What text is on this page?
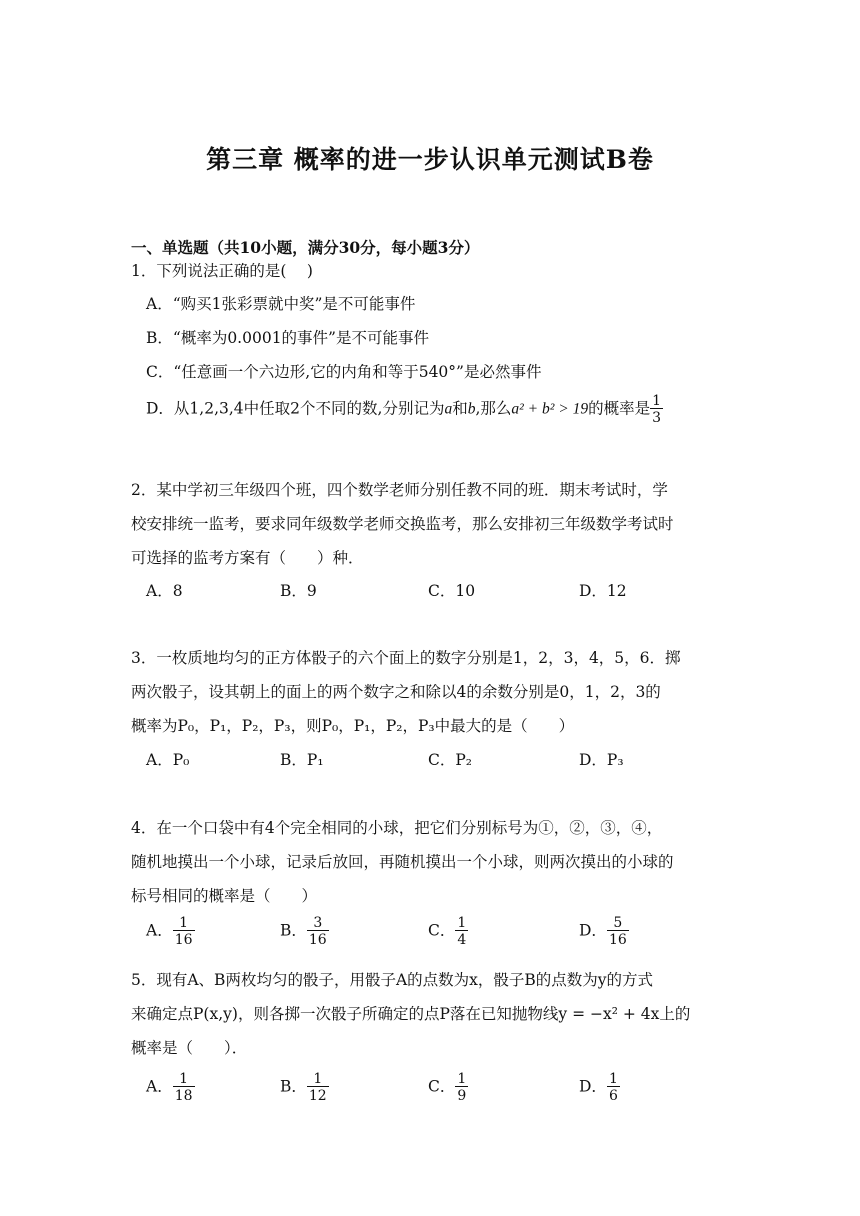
第三章 概率的进一步认识单元测试B卷
一、单选题（共10小题，满分30分，每小题3分）
1．下列说法正确的是(　 )
A．“购买1张彩票就中奖”是不可能事件
B．“概率为0.0001的事件”是不可能事件
C．“任意画一个六边形,它的内角和等于540°”是必然事件
D．从1,2,3,4中任取2个不同的数,分别记为a和b,那么a² + b² > 19的概率是 $\frac{1}{3}$
2．某中学初三年级四个班，四个数学老师分别任教不同的班．期末考试时，学
校安排统一监考，要求同年级数学老师交换监考，那么安排初三年级数学考试时
可选择的监考方案有（　　）种．
A．8	B．9	C．10	D．12
3．一枚质地均匀的正方体骰子的六个面上的数字分别是1，2，3，4，5，6．掷
两次骰子，设其朝上的面上的两个数字之和除以4的余数分别是0，1，2，3的
概率为P₀，P₁，P₂，P₃，则P₀，P₁，P₂，P₃中最大的是（　　）
A．P₀	B．P₁	C．P₂	D．P₃
4．在一个口袋中有4个完全相同的小球，把它们分别标号为①，②，③，④，
随机地摸出一个小球，记录后放回，再随机摸出一个小球，则两次摸出的小球的
标号相同的概率是（　　）
A． $\frac{1}{16}$	B． $\frac{3}{16}$	C． $\frac{1}{4}$	D． $\frac{5}{16}$
5．现有A、B两枚均匀的骰子，用骰子A的点数为x，骰子B的点数为y的方式
来确定点P(x,y)，则各掷一次骰子所确定的点P落在已知抛物线y = −x² + 4x上的
概率是（　　）．
A． $\frac{1}{18}$	B． $\frac{1}{12}$	C． $\frac{1}{9}$	D． $\frac{1}{6}$
